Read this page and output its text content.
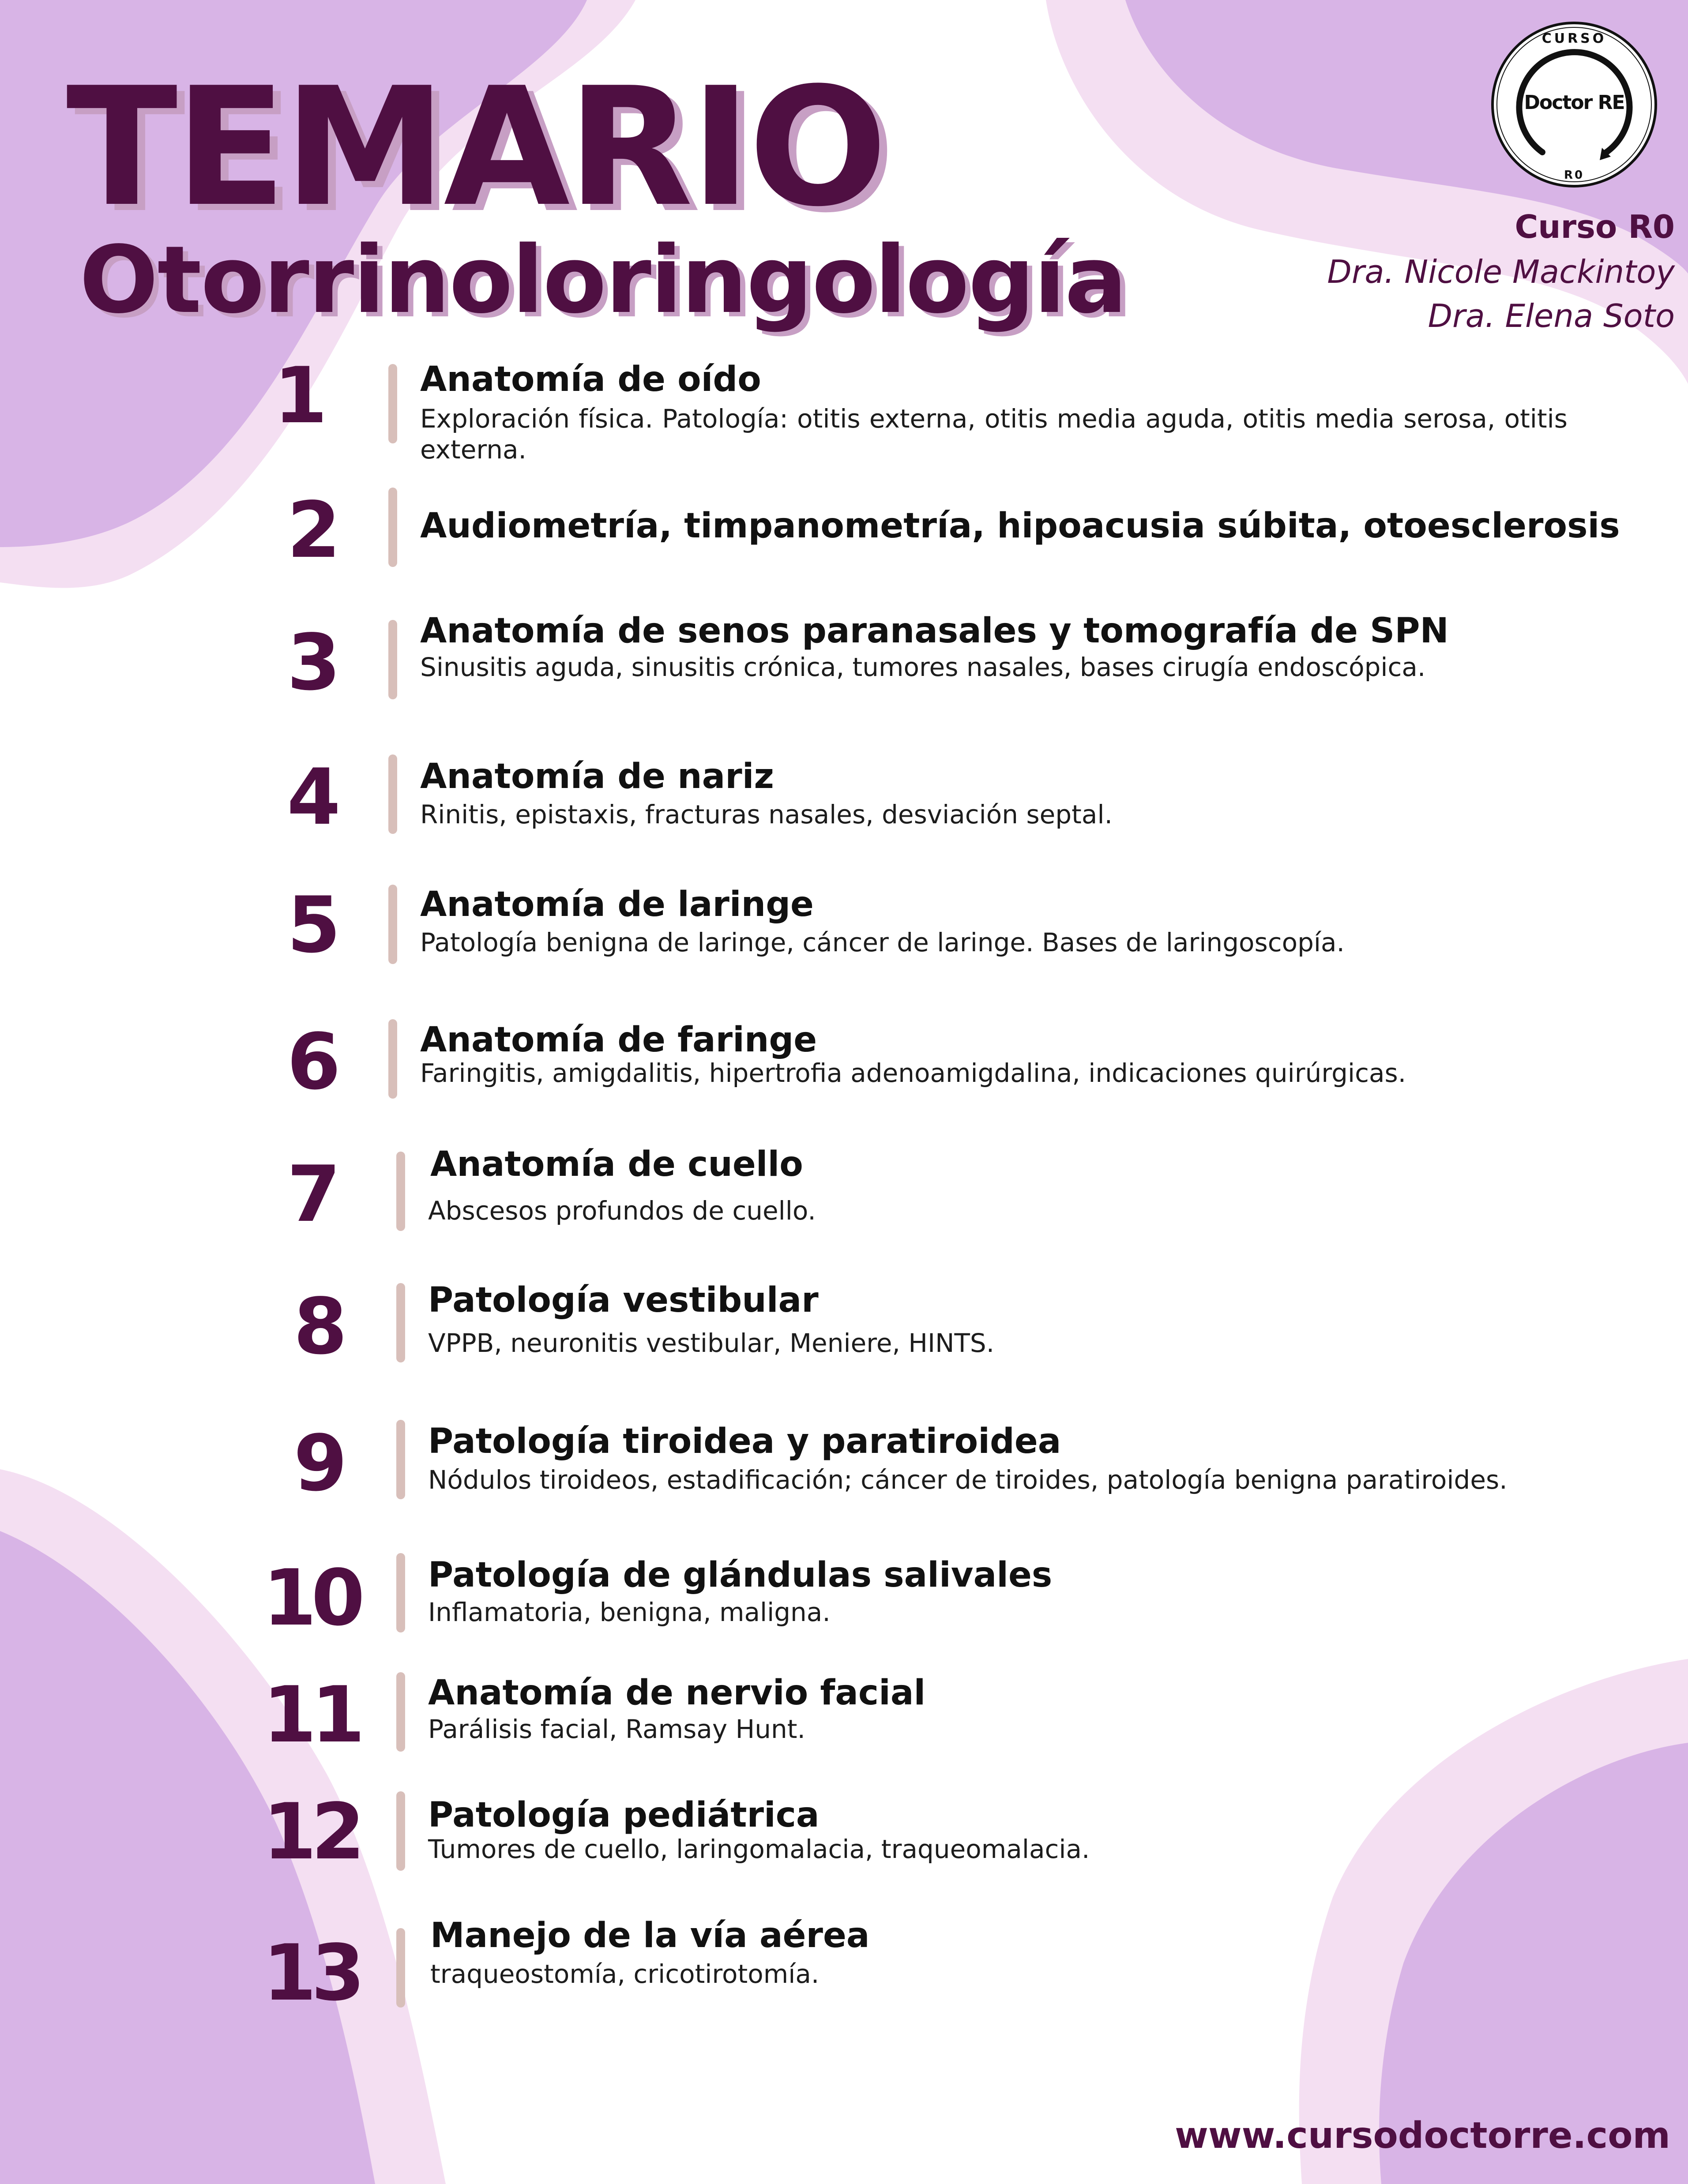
TEMARIO
Otorrinoloringología
CURSO
Doctor RE
R0
Curso R0
Dra. Nicole Mackintoy
Dra. Elena Soto
1	Anatomía de oído
Exploración física. Patología: otitis externa, otitis media aguda, otitis media serosa, otitis externa.
2 Audiometría, timpanometría, hipoacusia súbita, otoesclerosis
3 Anatomía de senos paranasales y tomografía de SPN
Sinusitis aguda, sinusitis crónica, tumores nasales, bases cirugía endoscópica.
4 Anatomía de nariz
Rinitis, epistaxis, fracturas nasales, desviación septal.
5 Anatomía de laringe
Patología benigna de laringe, cáncer de laringe. Bases de laringoscopía.
6 Anatomía de faringe
Faringitis, amigdalitis, hipertrofia adenoamigdalina, indicaciones quirúrgicas.
7	Anatomía de cuello
Abscesos profundos de cuello.
8	Patología vestibular
VPPB, neuronitis vestibular, Meniere, HINTS.
9	Patología tiroidea y paratiroidea
Nódulos tiroideos, estadificación; cáncer de tiroides, patología benigna paratiroides.
10 Patología de glándulas salivales
Inflamatoria, benigna, maligna.
11 Anatomía de nervio facial
Parálisis facial, Ramsay Hunt.
12 Patología pediátrica
Tumores de cuello, laringomalacia, traqueomalacia.
13 Manejo de la vía aérea
traqueostomía, cricotirotomía.
www.cursodoctorre.com
